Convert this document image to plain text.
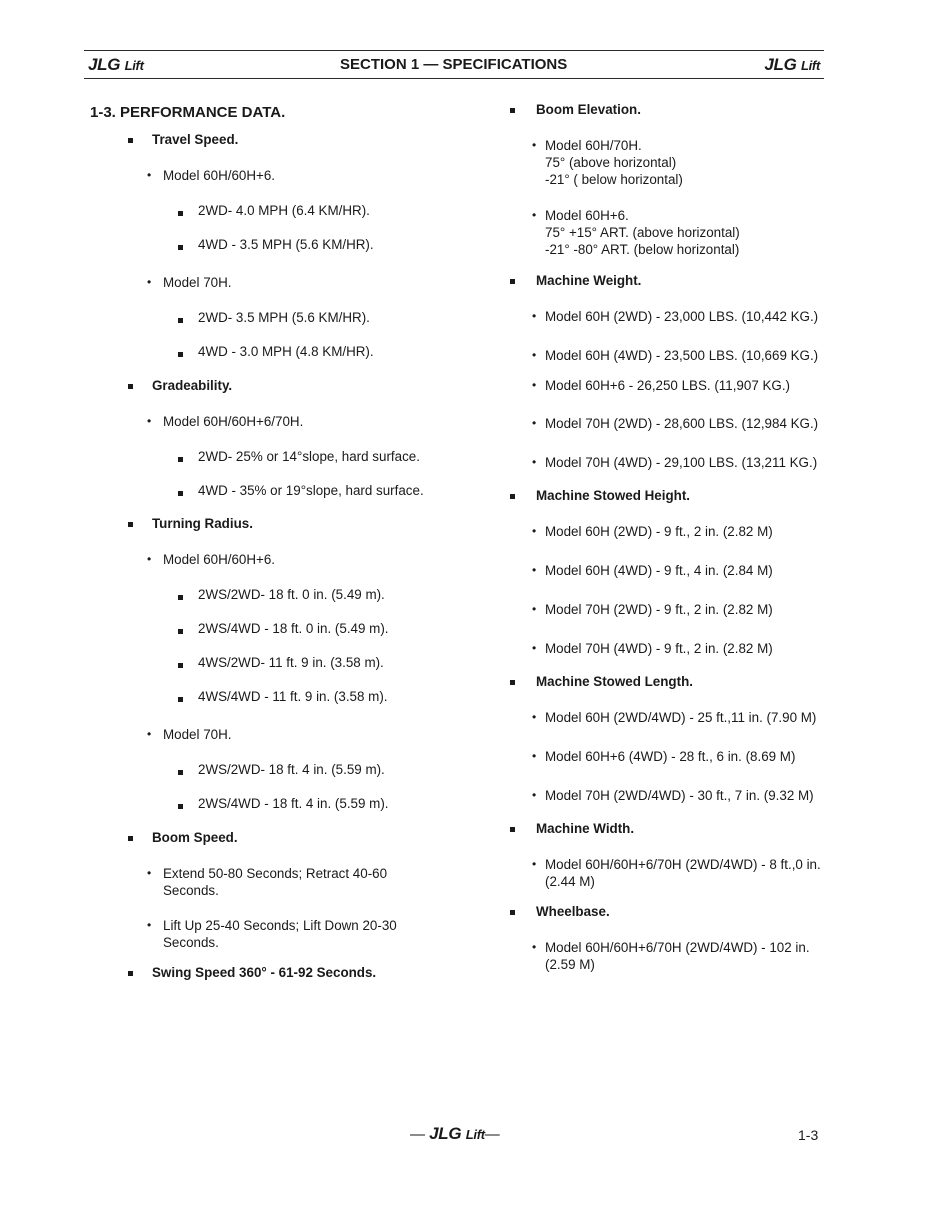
JLG Lift	SECTION 1 — SPECIFICATIONS	JLG Lift
1-3. PERFORMANCE DATA.
Travel Speed.
• Model 60H/60H+6.
2WD- 4.0 MPH (6.4 KM/HR).
4WD - 3.5 MPH (5.6 KM/HR).
• Model 70H.
2WD- 3.5 MPH (5.6 KM/HR).
4WD - 3.0 MPH (4.8 KM/HR).
Gradeability.
• Model 60H/60H+6/70H.
2WD- 25% or 14°slope, hard surface.
4WD - 35% or 19°slope, hard surface.
Turning Radius.
• Model 60H/60H+6.
2WS/2WD- 18 ft. 0 in. (5.49 m).
2WS/4WD - 18 ft. 0 in. (5.49 m).
4WS/2WD- 11 ft. 9 in. (3.58 m).
4WS/4WD - 11 ft. 9 in. (3.58 m).
• Model 70H.
2WS/2WD- 18 ft. 4 in. (5.59 m).
2WS/4WD - 18 ft. 4 in. (5.59 m).
Boom Speed.
• Extend 50-80 Seconds; Retract 40-60 Seconds.
• Lift Up 25-40 Seconds; Lift Down 20-30 Seconds.
Swing Speed 360° - 61-92 Seconds.
Boom Elevation.
• Model 60H/70H.
75° (above horizontal)
-21° ( below horizontal)
• Model 60H+6.
75° +15° ART. (above horizontal)
-21° -80° ART. (below horizontal)
Machine Weight.
• Model 60H (2WD) - 23,000 LBS. (10,442 KG.)
• Model 60H (4WD) - 23,500 LBS. (10,669 KG.)
• Model 60H+6 - 26,250 LBS. (11,907 KG.)
• Model 70H (2WD) - 28,600 LBS. (12,984 KG.)
• Model 70H (4WD) - 29,100 LBS. (13,211 KG.)
Machine Stowed Height.
• Model 60H (2WD) - 9 ft., 2 in. (2.82 M)
• Model 60H (4WD) - 9 ft., 4 in. (2.84 M)
• Model 70H (2WD) - 9 ft., 2 in. (2.82 M)
• Model 70H (4WD) - 9 ft., 2 in. (2.82 M)
Machine Stowed Length.
• Model 60H (2WD/4WD) - 25 ft.,11 in. (7.90 M)
• Model 60H+6 (4WD) - 28 ft., 6 in. (8.69 M)
• Model 70H (2WD/4WD) - 30 ft., 7 in. (9.32 M)
Machine Width.
• Model 60H/60H+6/70H (2WD/4WD) - 8 ft.,0 in. (2.44 M)
Wheelbase.
• Model 60H/60H+6/70H (2WD/4WD) - 102 in. (2.59 M)
— JLG Lift—	1-3
